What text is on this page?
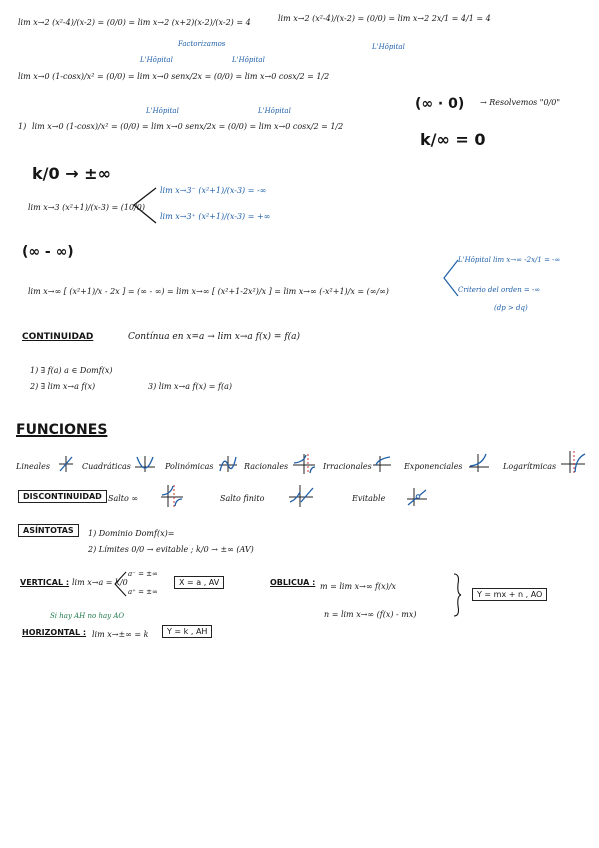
lim x→2 (x²-4)/(x-2) = (0/0) = lim x→2 (x+2)(x-2)/(x-2) = 4
Factorizamos
lim x→2 (x²-4)/(x-2) = (0/0) = lim x→2 2x/1 = 4/1 = 4
L'Hôpital
L'Hôpital	L'Hôpital
lim x→0 (1-cosx)/x² = (0/0) = lim x→0 senx/2x = (0/0) = lim x→0 cosx/2 = 1/2
L'Hôpital	L'Hôpital
1) lim x→0 (1-cosx)/x² = (0/0) = lim x→0 senx/2x = (0/0) = lim x→0 cosx/2 = 1/2
(∞ · 0) → Resolvemos "0/0"
k/∞ = 0
k/0 → ±∞
lim x→3 (x²+1)/(x-3) = (10/0)
lim x→3⁻ (x²+1)/(x-3) = -∞
lim x→3⁺ (x²+1)/(x-3) = +∞
(∞ - ∞)	L'Hôpital lim x→∞ -2x/1 = -∞
lim x→∞ [ (x²+1)/x - 2x ] = (∞ - ∞) = lim x→∞ [ (x²+1-2x²)/x ] = lim x→∞ (-x²+1)/x = (∞/∞)	Criterio del orden = -∞
(dp > dq)
CONTINUIDAD	Contínua en x=a → lim x→a f(x) = f(a)
1) ∃ f(a) a ∈ Domf(x)
2) ∃ lim x→a f(x)	3) lim x→a f(x) = f(a)
FUNCIONES
Lineales	Cuadráticas	Polinómicas	Racionales	Irracionales	Exponenciales	Logarítmicas
DISCONTINUIDAD Salto ∞	Salto finito	Evitable
ASÍNTOTAS	1) Dominio Domf(x)=
2) Límites 0/0 → evitable ; k/0 → ±∞ (AV)
VERTICAL : lim x→a = k/0
a⁻ = ±∞
a⁺ = ±∞
X = a , AV	OBLICUA : m = lim x→∞ f(x)/x
n = lim x→∞ (f(x) - mx)
Y = mx + n , AO
Si hay AH no hay AO
HORIZONTAL : lim x→±∞ = k	Y = k , AH
